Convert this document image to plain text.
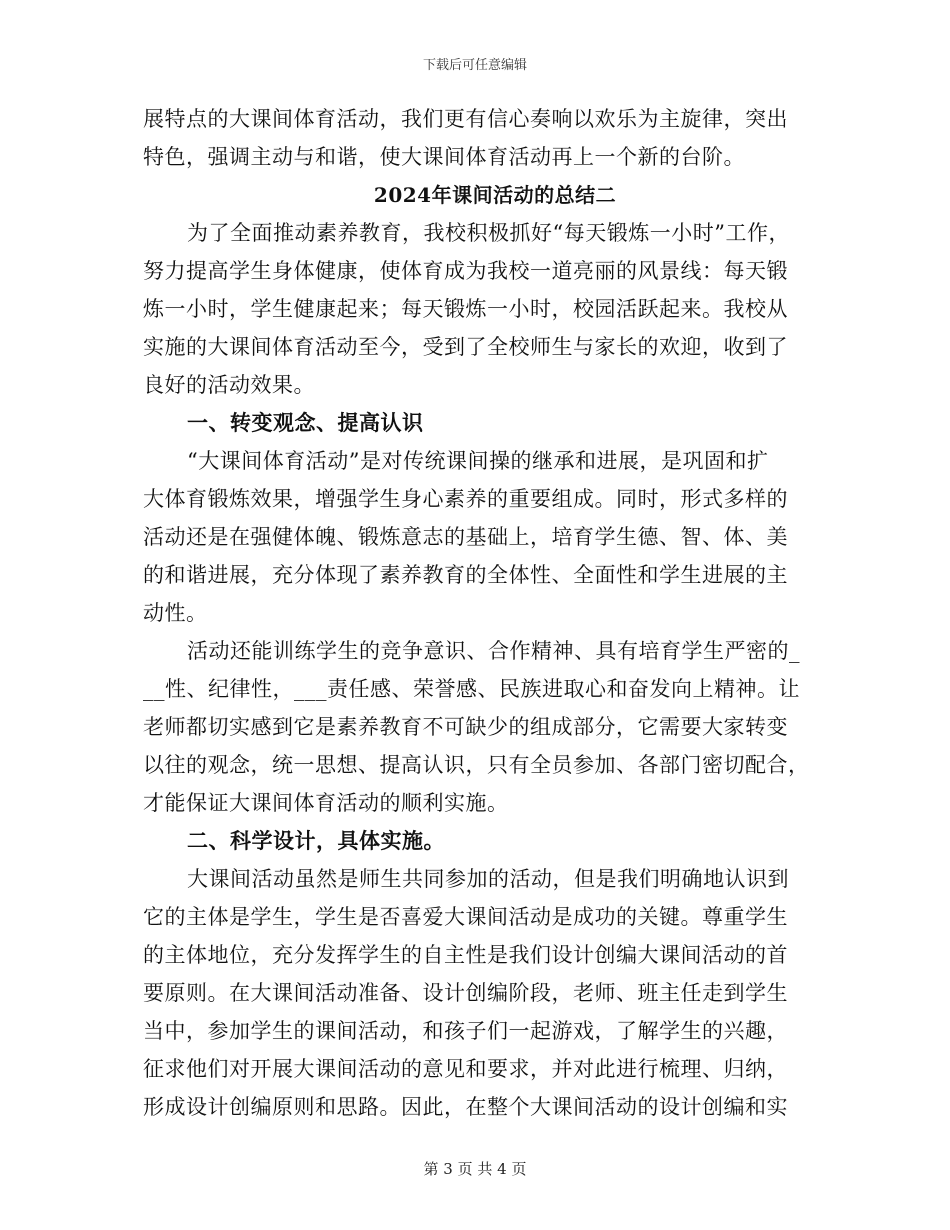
下载后可任意编辑
展特点的大课间体育活动，我们更有信心奏响以欢乐为主旋律，突出
特色，强调主动与和谐，使大课间体育活动再上一个新的台阶。
2024年课间活动的总结二
为了全面推动素养教育，我校积极抓好“每天锻炼一小时”工作，
努力提高学生身体健康，使体育成为我校一道亮丽的风景线：每天锻
炼一小时，学生健康起来；每天锻炼一小时，校园活跃起来。我校从
实施的大课间体育活动至今，受到了全校师生与家长的欢迎，收到了
良好的活动效果。
一、转变观念、提高认识
“大课间体育活动”是对传统课间操的继承和进展，是巩固和扩
大体育锻炼效果，增强学生身心素养的重要组成。同时，形式多样的
活动还是在强健体魄、锻炼意志的基础上，培育学生德、智、体、美
的和谐进展，充分体现了素养教育的全体性、全面性和学生进展的主
动性。
活动还能训练学生的竞争意识、合作精神、具有培育学生严密的_
__性、纪律性，___责任感、荣誉感、民族进取心和奋发向上精神。让
老师都切实感到它是素养教育不可缺少的组成部分，它需要大家转变
以往的观念，统一思想、提高认识，只有全员参加、各部门密切配合，
才能保证大课间体育活动的顺利实施。
二、科学设计，具体实施。
大课间活动虽然是师生共同参加的活动，但是我们明确地认识到
它的主体是学生，学生是否喜爱大课间活动是成功的关键。尊重学生
的主体地位，充分发挥学生的自主性是我们设计创编大课间活动的首
要原则。在大课间活动准备、设计创编阶段，老师、班主任走到学生
当中，参加学生的课间活动，和孩子们一起游戏，了解学生的兴趣，
征求他们对开展大课间活动的意见和要求，并对此进行梳理、归纳，
形成设计创编原则和思路。因此，在整个大课间活动的设计创编和实
第 3 页 共 4 页
